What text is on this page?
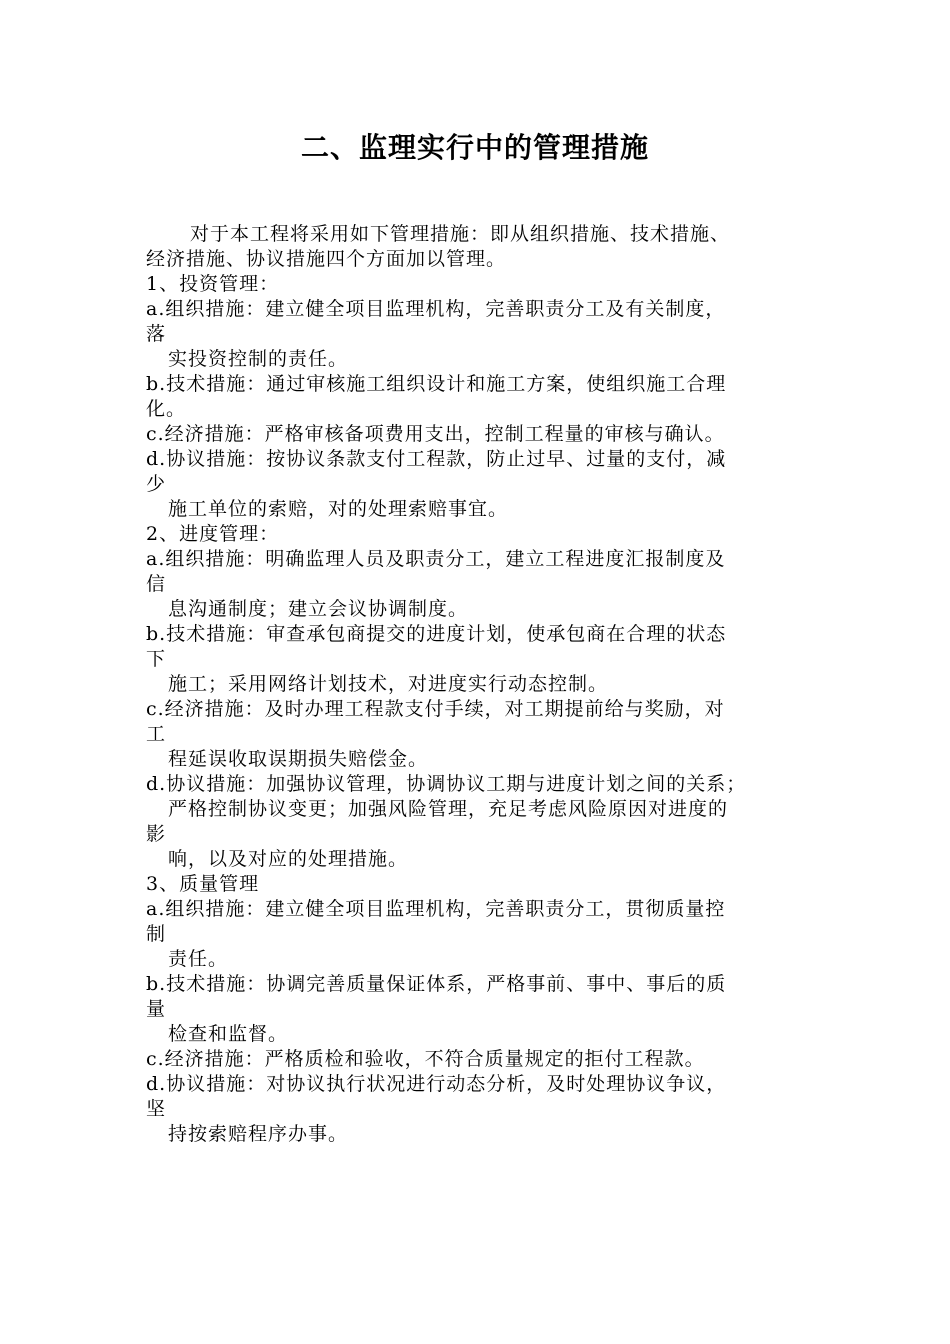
二、监理实行中的管理措施
对于本工程将采用如下管理措施：即从组织措施、技术措施、
经济措施、协议措施四个方面加以管理。
1、投资管理：
a.组织措施：建立健全项目监理机构，完善职责分工及有关制度，
落
实投资控制的责任。
b.技术措施：通过审核施工组织设计和施工方案，使组织施工合理
化。
c.经济措施：严格审核备项费用支出，控制工程量的审核与确认。
d.协议措施：按协议条款支付工程款，防止过早、过量的支付，减
少
施工单位的索赔，对的处理索赔事宜。
2、进度管理：
a.组织措施：明确监理人员及职责分工，建立工程进度汇报制度及
信
息沟通制度；建立会议协调制度。
b.技术措施：审查承包商提交的进度计划，使承包商在合理的状态
下
施工；采用网络计划技术，对进度实行动态控制。
c.经济措施：及时办理工程款支付手续，对工期提前给与奖励，对
工
程延误收取误期损失赔偿金。
d.协议措施：加强协议管理，协调协议工期与进度计划之间的关系；
严格控制协议变更；加强风险管理，充足考虑风险原因对进度的
影
响，以及对应的处理措施。
3、质量管理
a.组织措施：建立健全项目监理机构，完善职责分工，贯彻质量控
制
责任。
b.技术措施：协调完善质量保证体系，严格事前、事中、事后的质
量
检查和监督。
c.经济措施：严格质检和验收，不符合质量规定的拒付工程款。
d.协议措施：对协议执行状况进行动态分析，及时处理协议争议，
坚
持按索赔程序办事。
